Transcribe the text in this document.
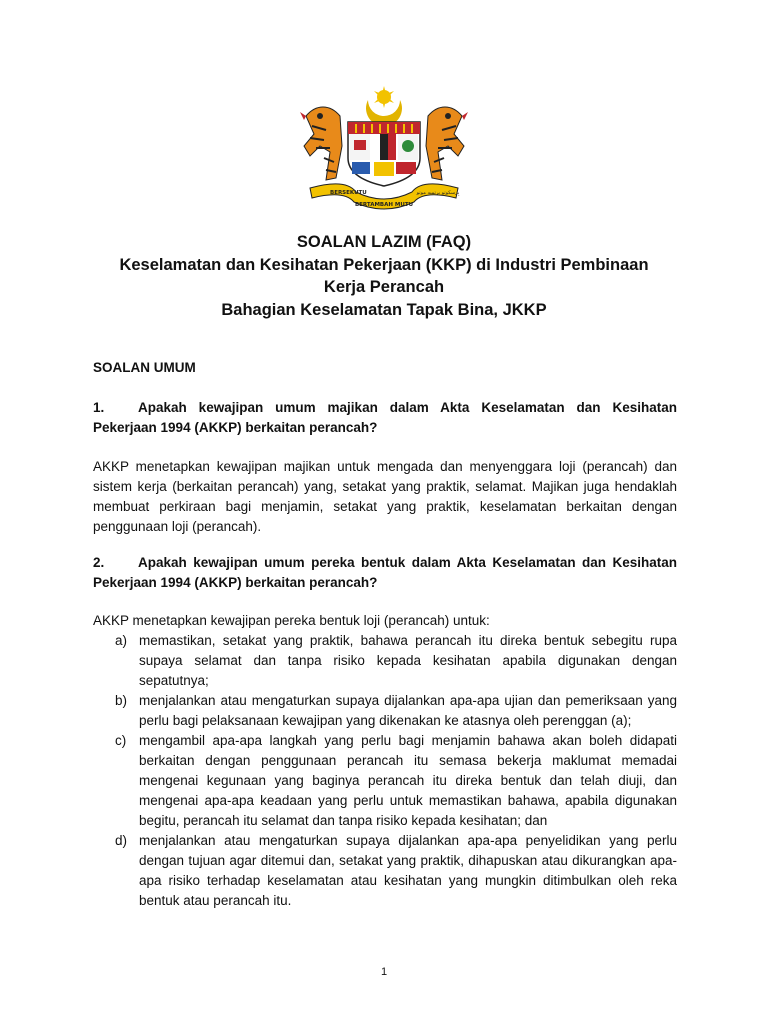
BERSEKUTU
BERTAMBAH MUTU
بِرسکوتو برتمبه موتو
SOALAN LAZIM (FAQ)
Keselamatan dan Kesihatan Pekerjaan (KKP) di Industri Pembinaan
Kerja Perancah
Bahagian Keselamatan Tapak Bina, JKKP
SOALAN UMUM
1. Apakah kewajipan umum majikan dalam Akta Keselamatan dan Kesihatan Pekerjaan 1994 (AKKP) berkaitan perancah?
AKKP menetapkan kewajipan majikan untuk mengada dan menyenggara loji (perancah) dan sistem kerja (berkaitan perancah) yang, setakat yang praktik, selamat. Majikan juga hendaklah membuat perkiraan bagi menjamin, setakat yang praktik, keselamatan berkaitan dengan penggunaan loji (perancah).
2. Apakah kewajipan umum pereka bentuk dalam Akta Keselamatan dan Kesihatan Pekerjaan 1994 (AKKP) berkaitan perancah?
AKKP menetapkan kewajipan pereka bentuk loji (perancah) untuk:
a) memastikan, setakat yang praktik, bahawa perancah itu direka bentuk sebegitu rupa supaya selamat dan tanpa risiko kepada kesihatan apabila digunakan dengan sepatutnya;
b) menjalankan atau mengaturkan supaya dijalankan apa-apa ujian dan pemeriksaan yang perlu bagi pelaksanaan kewajipan yang dikenakan ke atasnya oleh perenggan (a);
c) mengambil apa-apa langkah yang perlu bagi menjamin bahawa akan boleh didapati berkaitan dengan penggunaan perancah itu semasa bekerja maklumat memadai mengenai kegunaan yang baginya perancah itu direka bentuk dan telah diuji, dan mengenai apa-apa keadaan yang perlu untuk memastikan bahawa, apabila digunakan begitu, perancah itu selamat dan tanpa risiko kepada kesihatan; dan
d) menjalankan atau mengaturkan supaya dijalankan apa-apa penyelidikan yang perlu dengan tujuan agar ditemui dan, setakat yang praktik, dihapuskan atau dikurangkan apa-apa risiko terhadap keselamatan atau kesihatan yang mungkin ditimbulkan oleh reka bentuk atau perancah itu.
1
